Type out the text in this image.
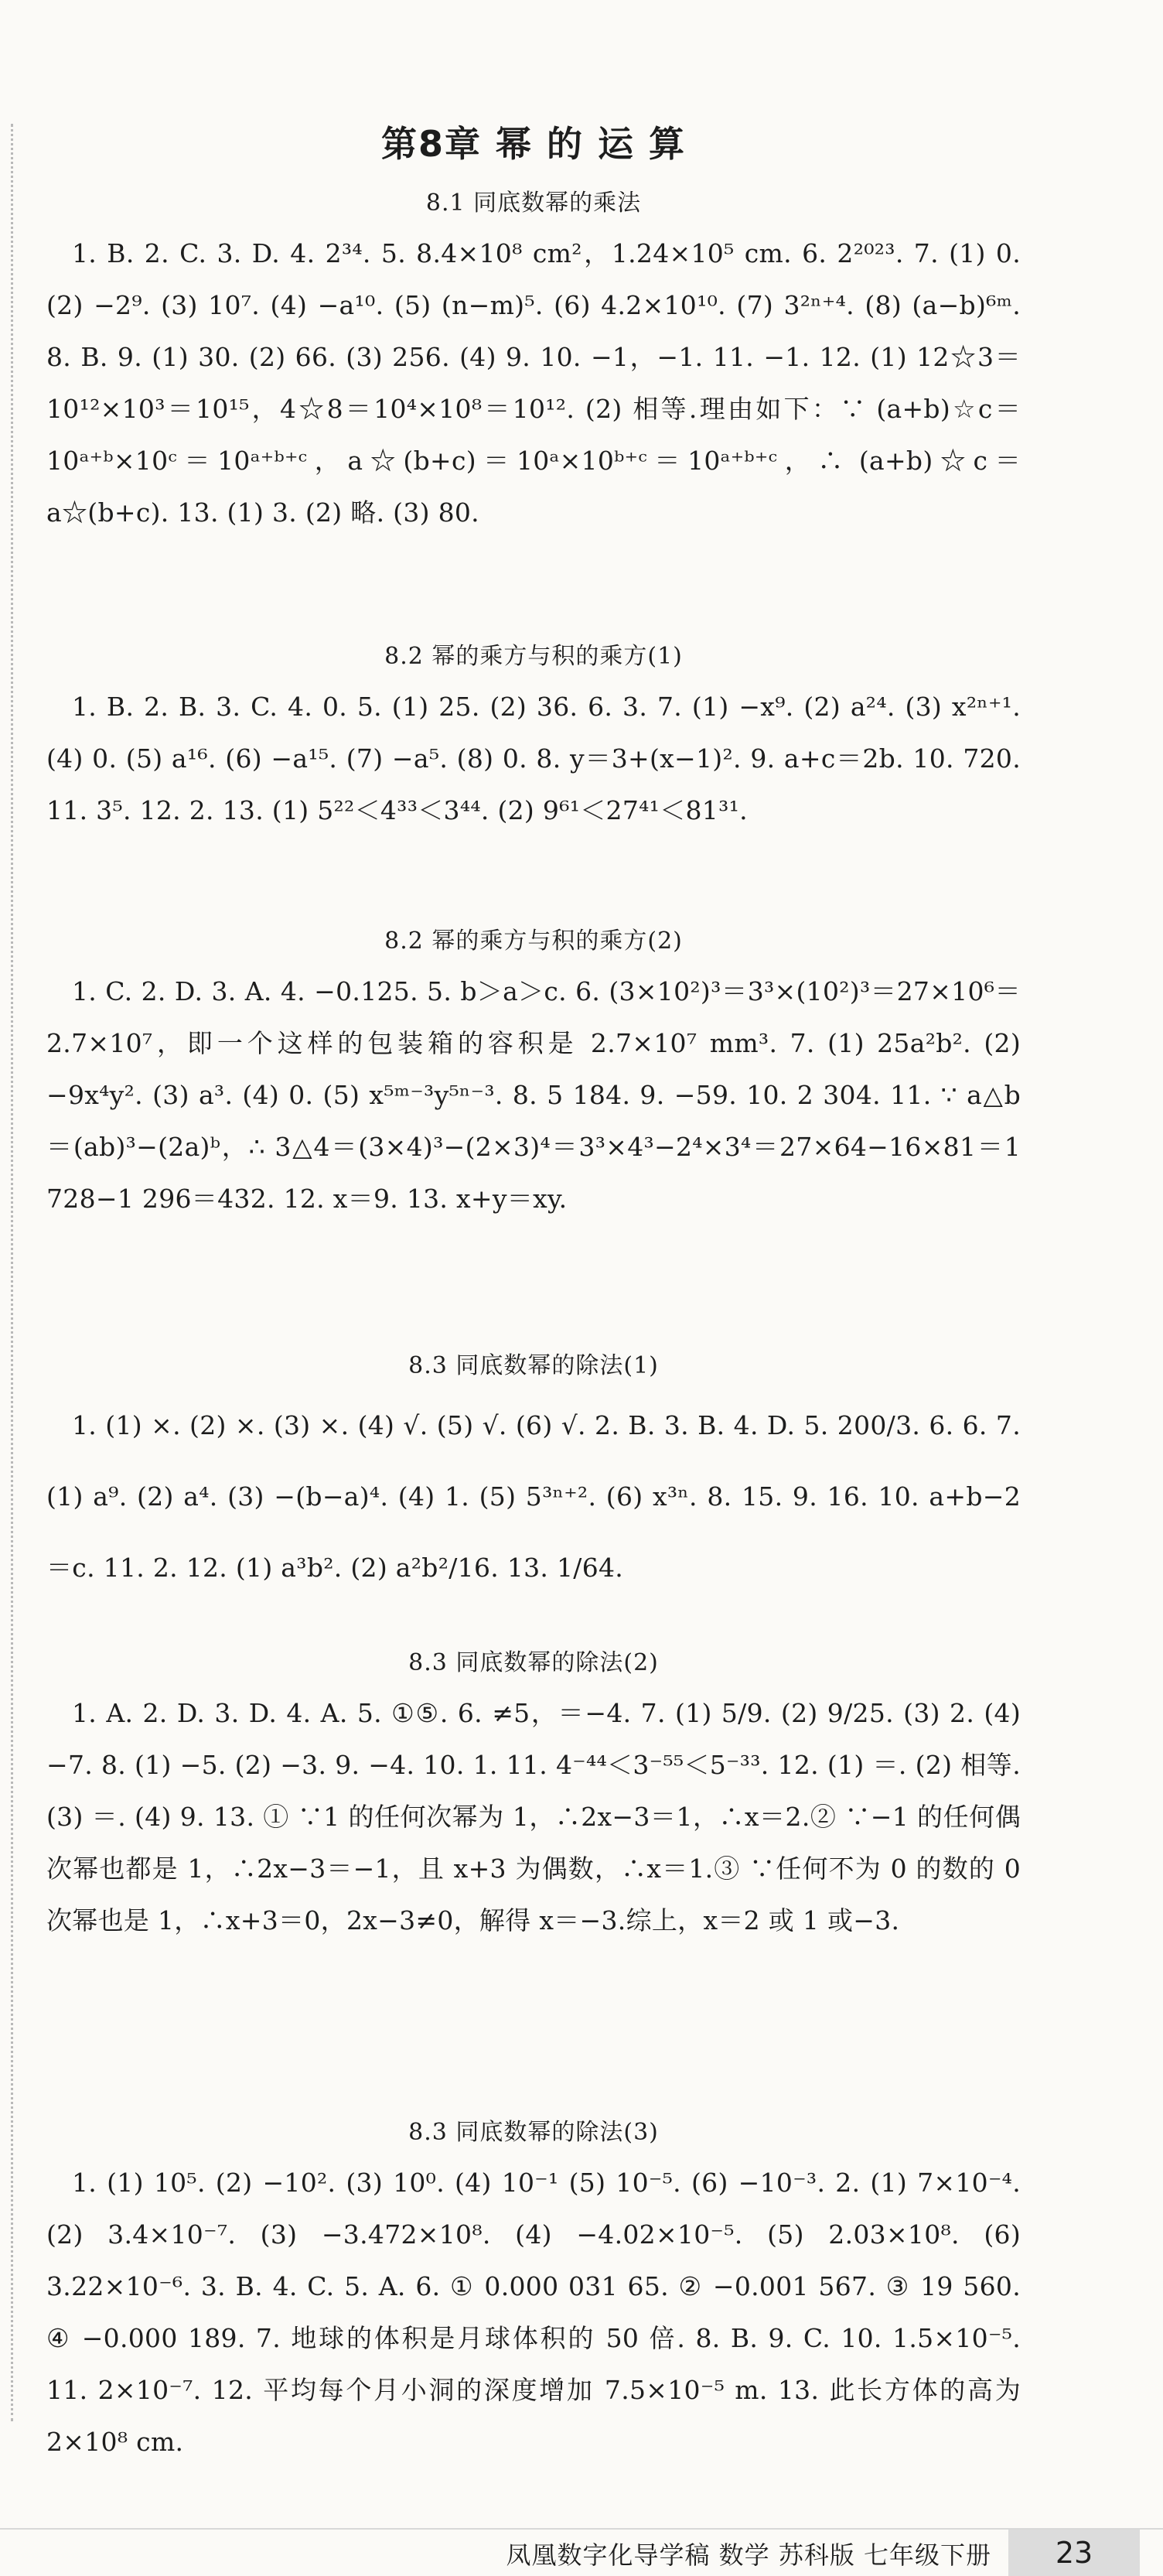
第8章 幂 的 运 算
8.1 同底数幂的乘法

1. B. 2. C. 3. D. 4. 2³⁴. 5. 8.4×10⁸ cm²，1.24×10⁵ cm. 6. 2²⁰²³. 7. (1) 0. (2) −2⁹. (3) 10⁷. (4) −a¹⁰. (5) (n−m)⁵. (6) 4.2×10¹⁰. (7) 3²ⁿ⁺⁴. (8) (a−b)⁶ᵐ. 8. B. 9. (1) 30. (2) 66. (3) 256. (4) 9. 10. −1，−1. 11. −1. 12. (1) 12☆3＝10¹²×10³＝10¹⁵，4☆8＝10⁴×10⁸＝10¹². (2) 相等.理由如下：∵ (a+b)☆c＝10ᵃ⁺ᵇ×10ᶜ＝10ᵃ⁺ᵇ⁺ᶜ，a☆(b+c)＝10ᵃ×10ᵇ⁺ᶜ＝10ᵃ⁺ᵇ⁺ᶜ，∴ (a+b)☆c＝a☆(b+c). 13. (1) 3. (2) 略. (3) 80.

8.2 幂的乘方与积的乘方(1)

1. B. 2. B. 3. C. 4. 0. 5. (1) 25. (2) 36. 6. 3. 7. (1) −x⁹. (2) a²⁴. (3) x²ⁿ⁺¹. (4) 0. (5) a¹⁶. (6) −a¹⁵. (7) −a⁵. (8) 0. 8. y＝3+(x−1)². 9. a+c＝2b. 10. 720. 11. 3⁵. 12. 2. 13. (1) 5²²＜4³³＜3⁴⁴. (2) 9⁶¹＜27⁴¹＜81³¹.

8.2 幂的乘方与积的乘方(2)

1. C. 2. D. 3. A. 4. −0.125. 5. b＞a＞c. 6. (3×10²)³＝3³×(10²)³＝27×10⁶＝2.7×10⁷，即一个这样的包装箱的容积是 2.7×10⁷ mm³. 7. (1) 25a²b². (2) −9x⁴y². (3) a³. (4) 0. (5) x⁵ᵐ⁻³y⁵ⁿ⁻³. 8. 5 184. 9. −59. 10. 2 304. 11. ∵ a△b＝(ab)³−(2a)ᵇ，∴ 3△4＝(3×4)³−(2×3)⁴＝3³×4³−2⁴×3⁴＝27×64−16×81＝1 728−1 296＝432. 12. x＝9. 13. x+y＝xy.

8.3 同底数幂的除法(1)

1. (1) ×. (2) ×. (3) ×. (4) √. (5) √. (6) √. 2. B. 3. B. 4. D. 5. 200/3. 6. 6. 7. (1) a⁹. (2) a⁴. (3) −(b−a)⁴. (4) 1. (5) 5³ⁿ⁺². (6) x³ⁿ. 8. 15. 9. 16. 10. a+b−2＝c. 11. 2. 12. (1) a³b². (2) a²b²/16. 13. 1/64.

8.3 同底数幂的除法(2)

1. A. 2. D. 3. D. 4. A. 5. ①⑤. 6. ≠5，＝−4. 7. (1) 5/9. (2) 9/25. (3) 2. (4) −7. 8. (1) −5. (2) −3. 9. −4. 10. 1. 11. 4⁻⁴⁴＜3⁻⁵⁵＜5⁻³³. 12. (1) ＝. (2) 相等. (3) ＝. (4) 9. 13. ① ∵1 的任何次幂为 1，∴2x−3＝1，∴x＝2.② ∵−1 的任何偶次幂也都是 1，∴2x−3＝−1，且 x+3 为偶数，∴x＝1.③ ∵任何不为 0 的数的 0 次幂也是 1，∴x+3＝0，2x−3≠0，解得 x＝−3.综上，x＝2 或 1 或−3.

8.3 同底数幂的除法(3)

1. (1) 10⁵. (2) −10². (3) 10⁰. (4) 10⁻¹ (5) 10⁻⁵. (6) −10⁻³. 2. (1) 7×10⁻⁴. (2) 3.4×10⁻⁷. (3) −3.472×10⁸. (4) −4.02×10⁻⁵. (5) 2.03×10⁸. (6) 3.22×10⁻⁶. 3. B. 4. C. 5. A. 6. ① 0.000 031 65. ② −0.001 567. ③ 19 560. ④ −0.000 189. 7. 地球的体积是月球体积的 50 倍. 8. B. 9. C. 10. 1.5×10⁻⁵. 11. 2×10⁻⁷. 12. 平均每个月小洞的深度增加 7.5×10⁻⁵ m. 13. 此长方体的高为 2×10⁸ cm.

凤凰数字化导学稿 数学 苏科版 七年级下册	23
